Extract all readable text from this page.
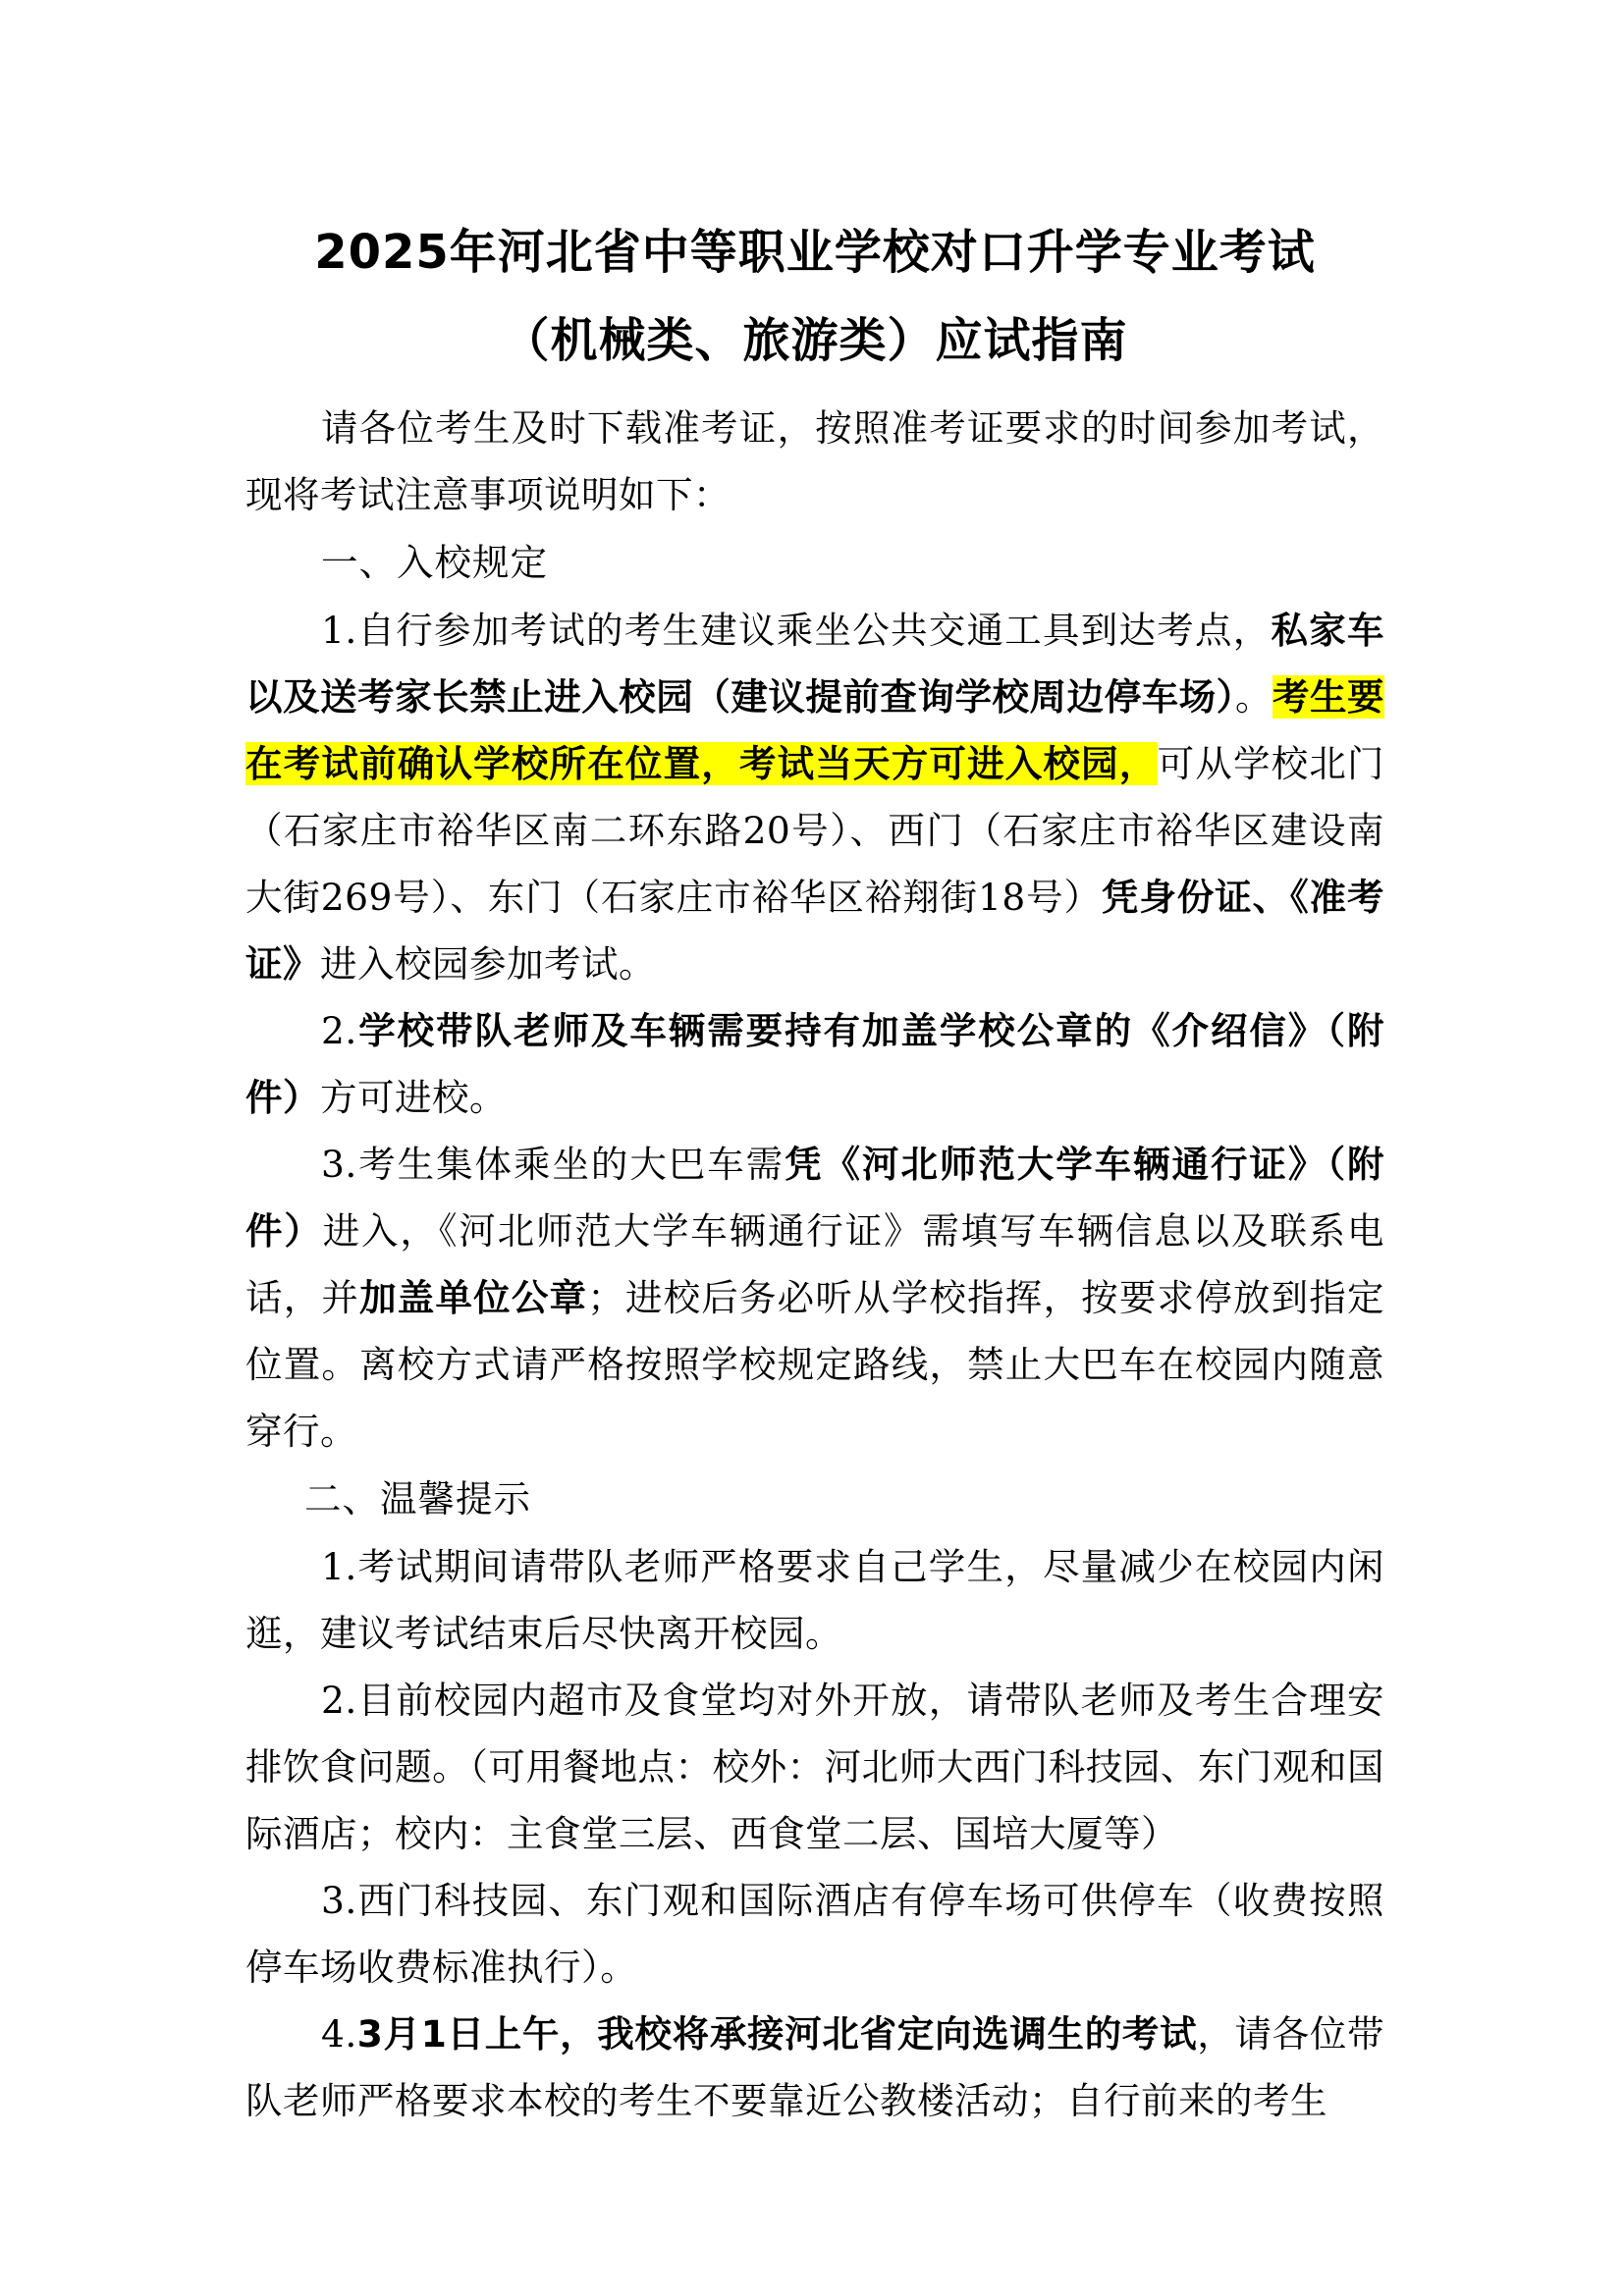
2025年河北省中等职业学校对口升学专业考试

（机械类、旅游类）应试指南

请各位考生及时下载准考证，按照准考证要求的时间参加考试，现将考试注意事项说明如下：

一、入校规定

1.自行参加考试的考生建议乘坐公共交通工具到达考点，私家车以及送考家长禁止进入校园（建议提前查询学校周边停车场）。考生要在考试前确认学校所在位置，考试当天方可进入校园，可从学校北门（石家庄市裕华区南二环东路20号）、西门（石家庄市裕华区建设南大街269号）、东门（石家庄市裕华区裕翔街18号）凭身份证、《准考证》进入校园参加考试。

2.学校带队老师及车辆需要持有加盖学校公章的《介绍信》（附件）方可进校。

3.考生集体乘坐的大巴车需凭《河北师范大学车辆通行证》（附件）进入，《河北师范大学车辆通行证》需填写车辆信息以及联系电话，并加盖单位公章；进校后务必听从学校指挥，按要求停放到指定位置。离校方式请严格按照学校规定路线，禁止大巴车在校园内随意穿行。

二、温馨提示

1.考试期间请带队老师严格要求自己学生，尽量减少在校园内闲逛，建议考试结束后尽快离开校园。

2.目前校园内超市及食堂均对外开放，请带队老师及考生合理安排饮食问题。（可用餐地点：校外：河北师大西门科技园、东门观和国际酒店；校内：主食堂三层、西食堂二层、国培大厦等）

3.西门科技园、东门观和国际酒店有停车场可供停车（收费按照停车场收费标准执行）。

4.3月1日上午，我校将承接河北省定向选调生的考试，请各位带队老师严格要求本校的考生不要靠近公教楼活动；自行前来的考生
